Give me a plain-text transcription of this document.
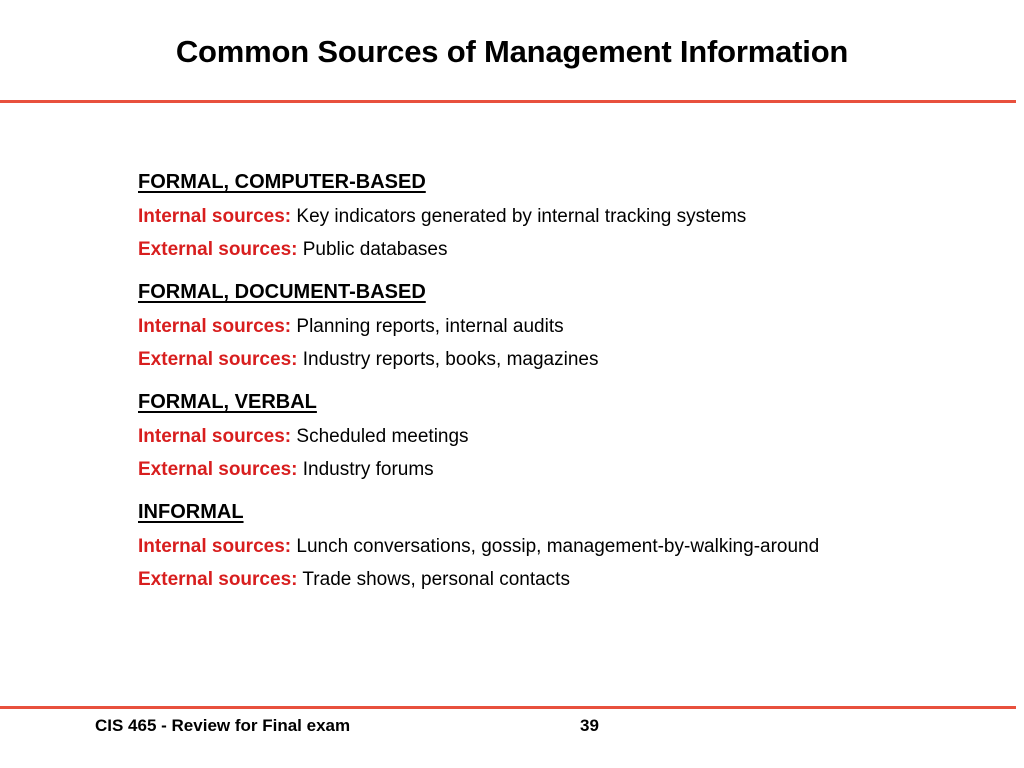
Common Sources of Management Information
FORMAL, COMPUTER-BASED
Internal sources: Key indicators generated by internal tracking systems
External sources: Public databases
FORMAL, DOCUMENT-BASED
Internal sources: Planning reports, internal audits
External sources: Industry reports, books, magazines
FORMAL, VERBAL
Internal sources: Scheduled meetings
External sources: Industry forums
INFORMAL
Internal sources: Lunch conversations, gossip, management-by-walking-around
External sources: Trade shows, personal contacts
CIS 465 - Review for Final exam	39
